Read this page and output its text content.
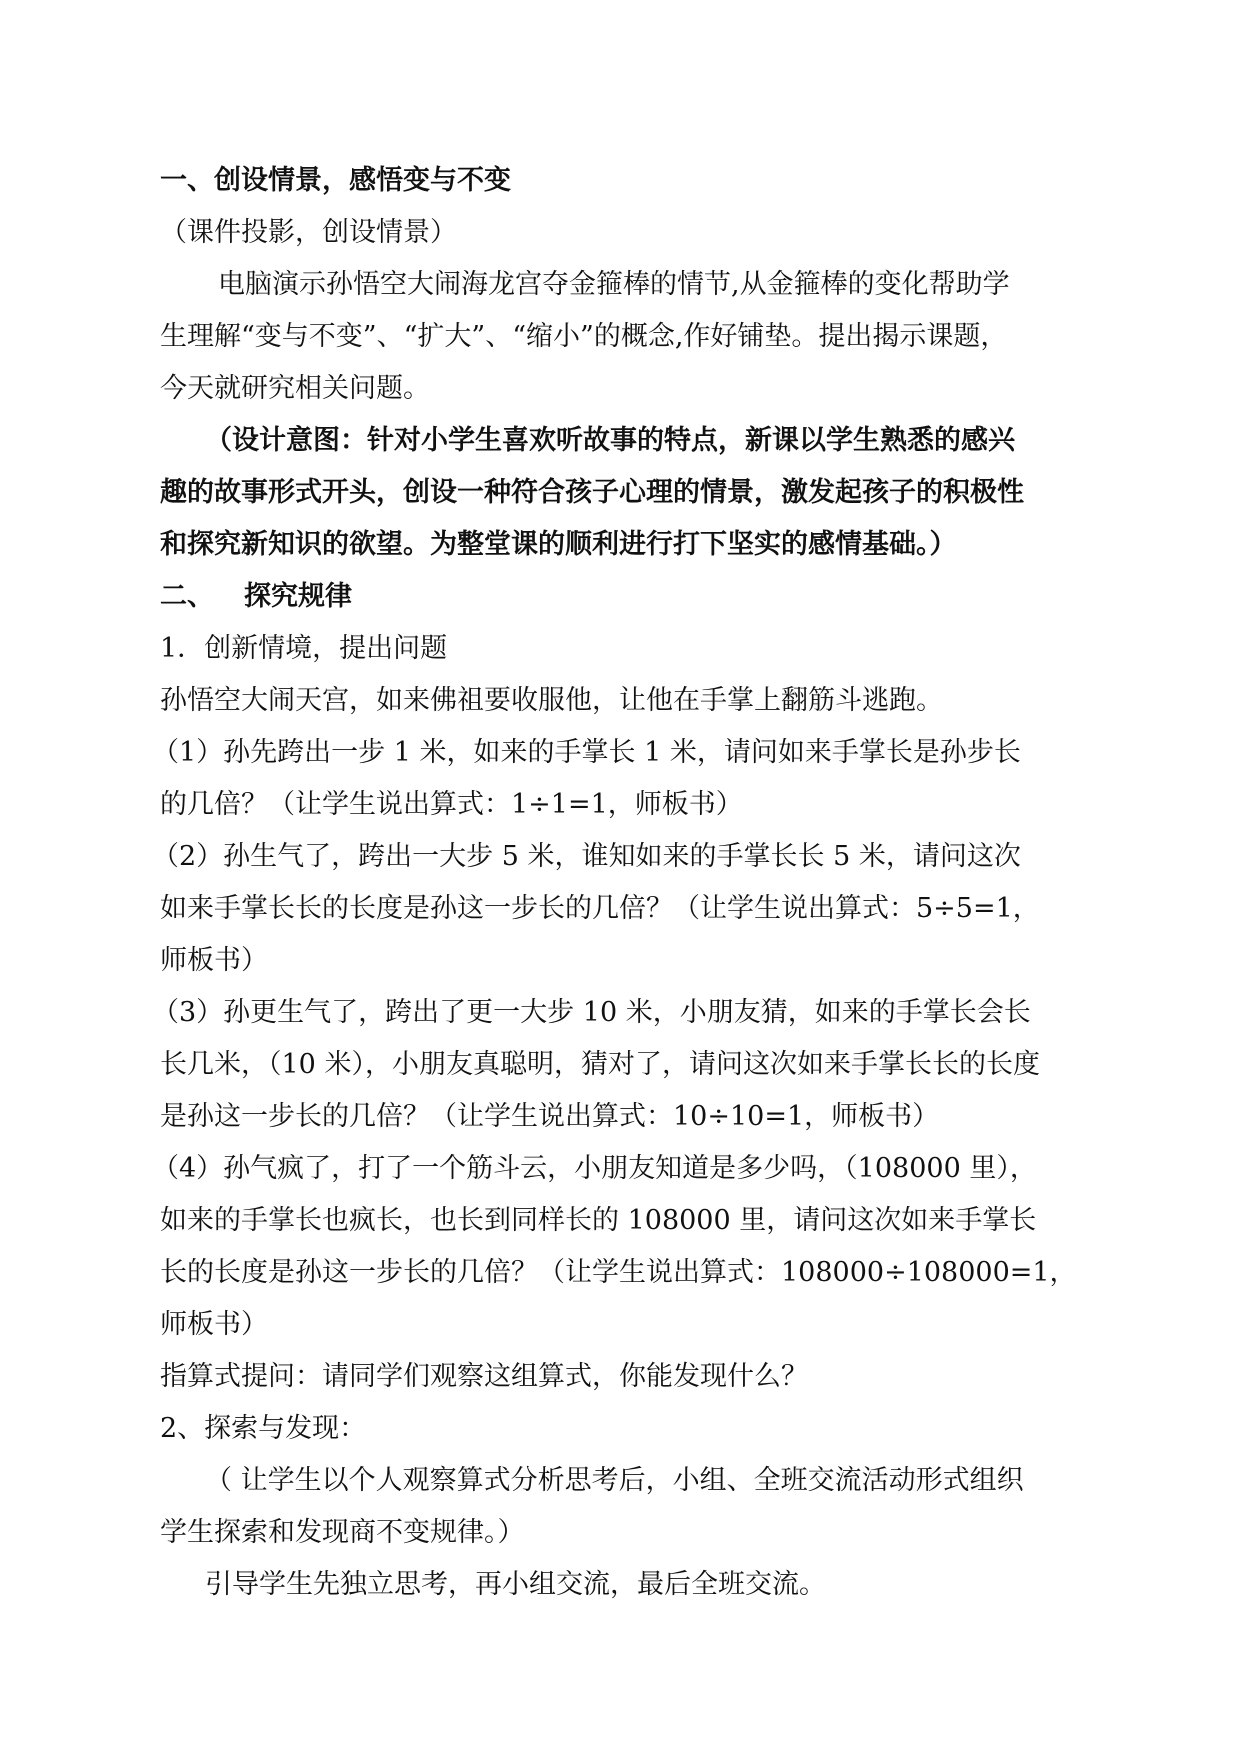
一、创设情景，感悟变与不变
（课件投影，创设情景）
电脑演示孙悟空大闹海龙宫夺金箍棒的情节,从金箍棒的变化帮助学
生理解“变与不变”、“扩大”、“缩小”的概念,作好铺垫。提出揭示课题，
今天就研究相关问题。
（设计意图：针对小学生喜欢听故事的特点，新课以学生熟悉的感兴
趣的故事形式开头，创设一种符合孩子心理的情景，激发起孩子的积极性
和探究新知识的欲望。为整堂课的顺利进行打下坚实的感情基础。）
二、 探究规律
1．创新情境，提出问题
孙悟空大闹天宫，如来佛祖要收服他，让他在手掌上翻筋斗逃跑。
（1）孙先跨出一步 1 米，如来的手掌长 1 米，请问如来手掌长是孙步长
的几倍？（让学生说出算式：1÷1=1，师板书）
（2）孙生气了，跨出一大步 5 米，谁知如来的手掌长长 5 米，请问这次
如来手掌长长的长度是孙这一步长的几倍？（让学生说出算式：5÷5=1，
师板书）
（3）孙更生气了，跨出了更一大步 10 米，小朋友猜，如来的手掌长会长
长几米，（10 米），小朋友真聪明，猜对了，请问这次如来手掌长长的长度
是孙这一步长的几倍？（让学生说出算式：10÷10=1，师板书）
（4）孙气疯了，打了一个筋斗云，小朋友知道是多少吗，（108000 里），
如来的手掌长也疯长，也长到同样长的 108000 里，请问这次如来手掌长
长的长度是孙这一步长的几倍？（让学生说出算式：108000÷108000=1，
师板书）
指算式提问：请同学们观察这组算式，你能发现什么？
2、探索与发现：
（ 让学生以个人观察算式分析思考后，小组、全班交流活动形式组织
学生探索和发现商不变规律。）
引导学生先独立思考，再小组交流，最后全班交流。
